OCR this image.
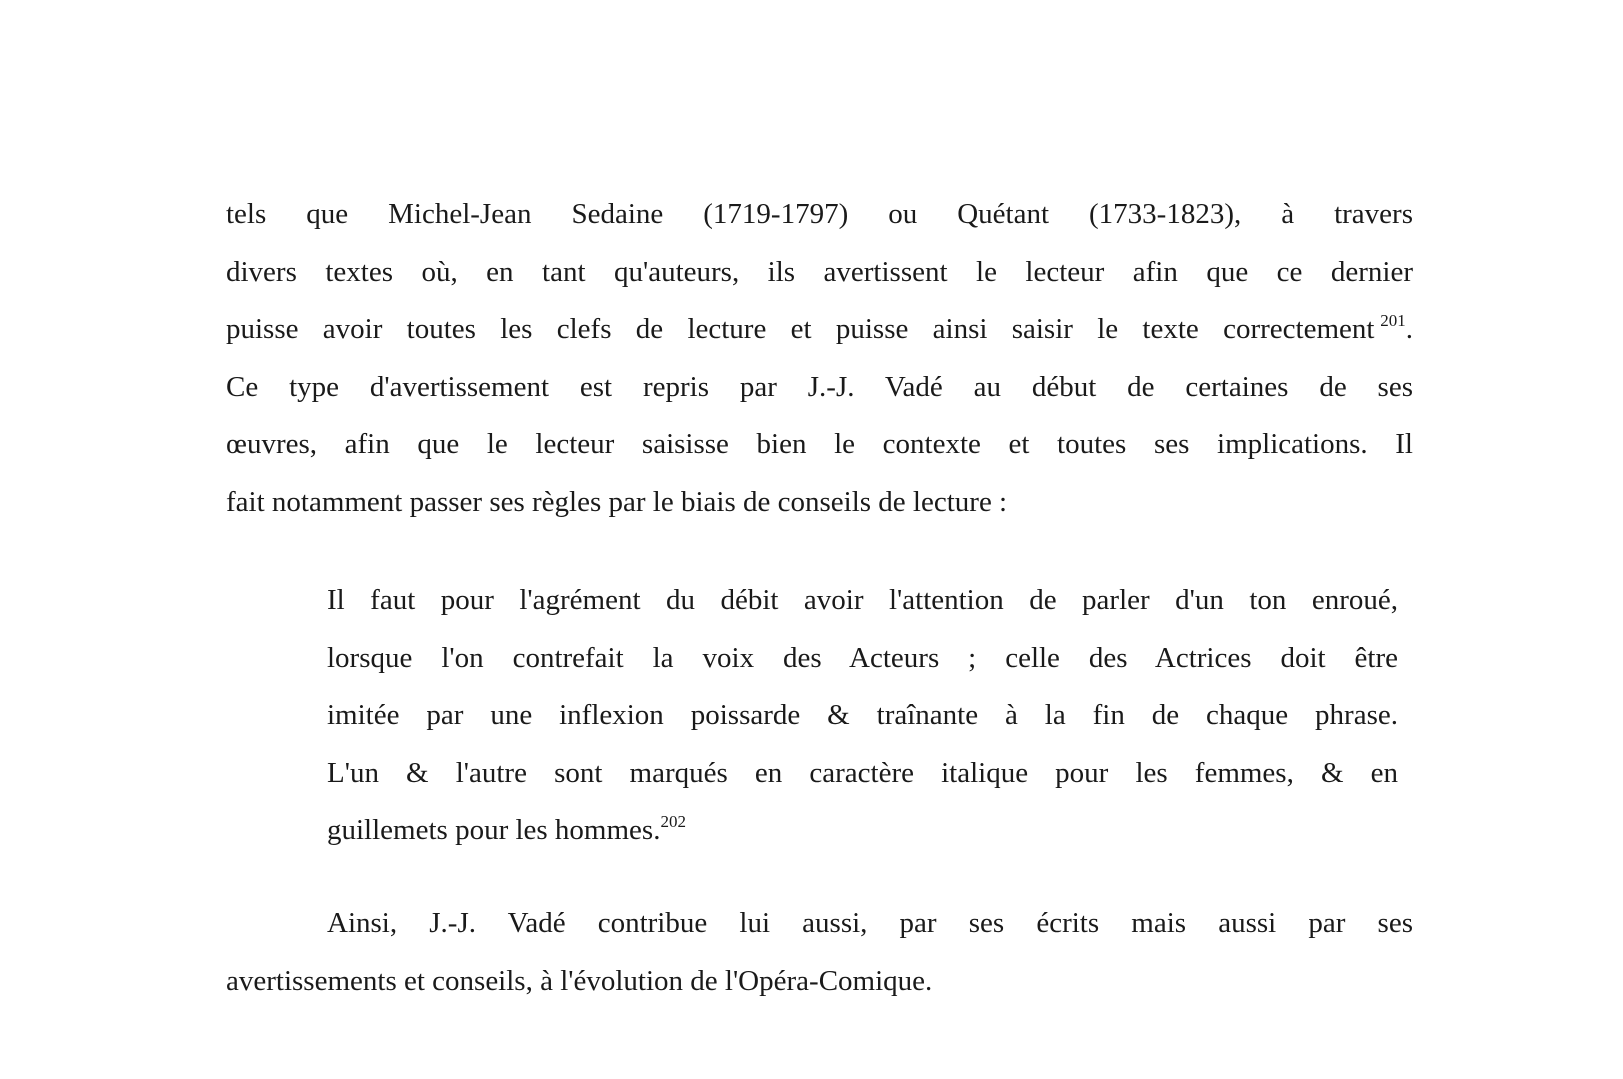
tels que Michel-Jean Sedaine (1719-1797) ou Quétant (1733-1823), à travers
divers textes où, en tant qu'auteurs, ils avertissent le lecteur afin que ce dernier
puisse avoir toutes les clefs de lecture et puisse ainsi saisir le texte correctement  $^{201}$.
Ce type d'avertissement est repris par J.-J. Vadé au début de certaines de ses
œuvres, afin que le lecteur saisisse bien le contexte et toutes ses implications. Il
fait notamment passer ses règles par le biais de conseils de lecture :
Il faut pour l'agrément du débit avoir l'attention de parler d'un ton enroué,
lorsque l'on contrefait la voix des Acteurs ; celle des Actrices doit être
imitée par une inflexion poissarde & traînante à la fin de chaque phrase.
L'un & l'autre sont marqués en caractère italique pour les femmes, & en
guillemets pour les hommes.$^{202}$
Ainsi, J.-J. Vadé contribue lui aussi, par ses écrits mais aussi par ses
avertissements et conseils, à l'évolution de l'Opéra-Comique.
